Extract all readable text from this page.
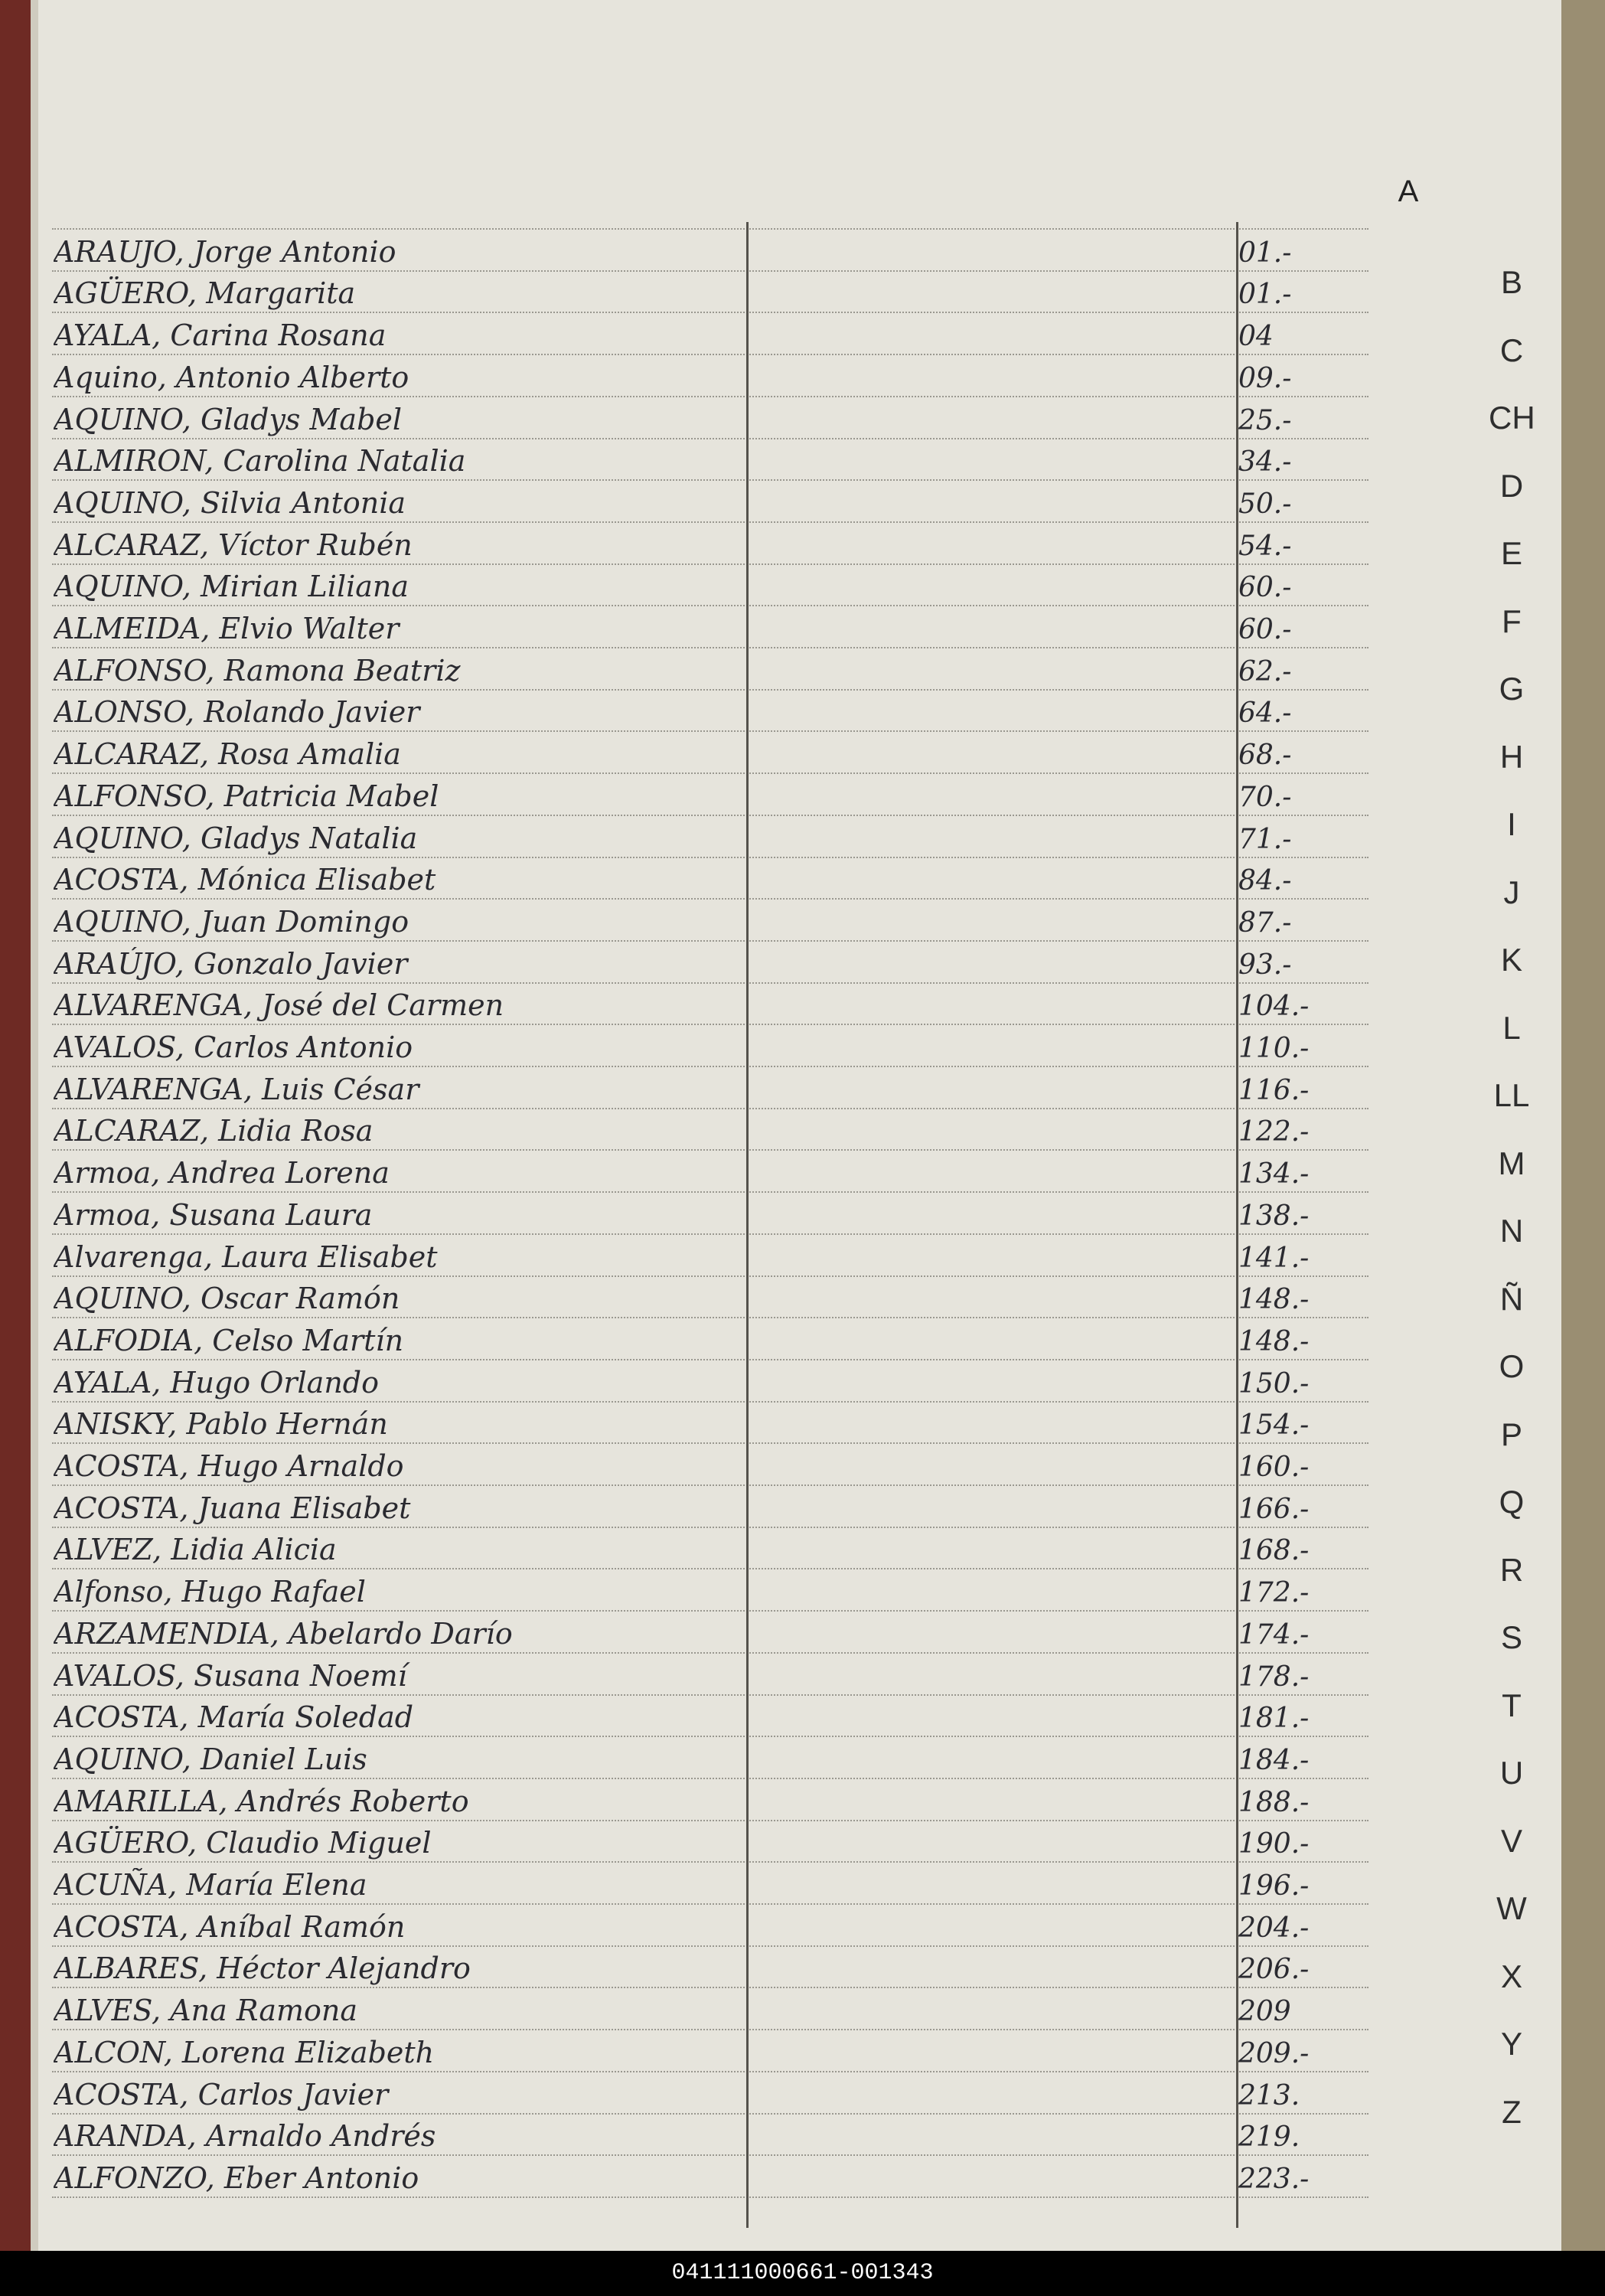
A
ARAUJO, Jorge Antonio	01.-
AGÜERO, Margarita	01.-
AYALA, Carina Rosana	04
Aquino, Antonio Alberto	09.-
AQUINO, Gladys Mabel	25.-
ALMIRON, Carolina Natalia	34.-
AQUINO, Silvia Antonia	50.-
ALCARAZ, Víctor Rubén	54.-
AQUINO, Mirian Liliana	60.-
ALMEIDA, Elvio Walter	60.-
ALFONSO, Ramona Beatriz	62.-
ALONSO, Rolando Javier	64.-
ALCARAZ, Rosa Amalia	68.-
ALFONSO, Patricia Mabel	70.-
AQUINO, Gladys Natalia	71.-
ACOSTA, Mónica Elisabet	84.-
AQUINO, Juan Domingo	87.-
ARAÚJO, Gonzalo Javier	93.-
ALVARENGA, José del Carmen	104.-
AVALOS, Carlos Antonio	110.-
ALVARENGA, Luis César	116.-
ALCARAZ, Lidia Rosa	122.-
Armoa, Andrea Lorena	134.-
Armoa, Susana Laura	138.-
Alvarenga, Laura Elisabet	141.-
AQUINO, Oscar Ramón	148.-
ALFODIA, Celso Martín	148.-
AYALA, Hugo Orlando	150.-
ANISKY, Pablo Hernán	154.-
ACOSTA, Hugo Arnaldo	160.-
ACOSTA, Juana Elisabet	166.-
ALVEZ, Lidia Alicia	168.-
Alfonso, Hugo Rafael	172.-
ARZAMENDIA, Abelardo Darío	174.-
AVALOS, Susana Noemí	178.-
ACOSTA, María Soledad	181.-
AQUINO, Daniel Luis	184.-
AMARILLA, Andrés Roberto	188.-
AGÜERO, Claudio Miguel	190.-
ACUÑA, María Elena	196.-
ACOSTA, Aníbal Ramón	204.-
ALBARES, Héctor Alejandro	206.-
ALVES, Ana Ramona	209
ALCON, Lorena Elizabeth	209.-
ACOSTA, Carlos Javier	213.
ARANDA, Arnaldo Andrés	219.
ALFONZO, Eber Antonio	223.-
B
C
CH
D
E
F
G
H
I
J
K
L
LL
M
N
Ñ
O
P
Q
R
S
T
U
V
W
X
Y
Z
041111000661-001343
